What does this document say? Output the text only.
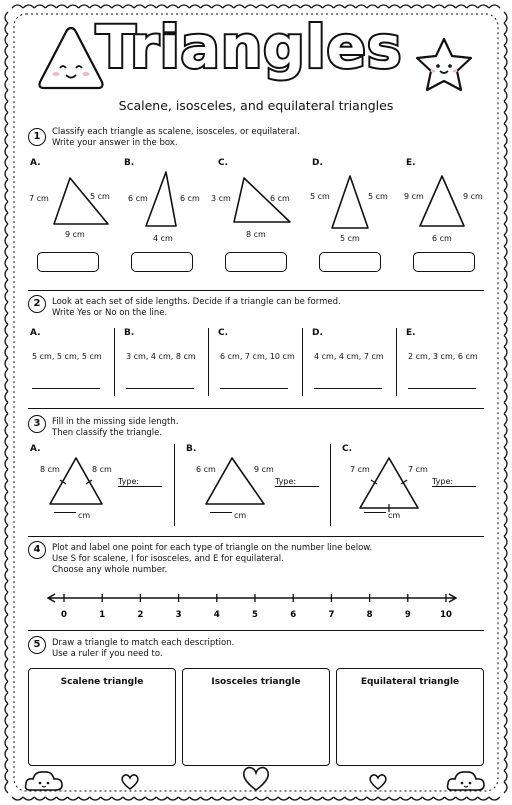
Triangles
Scalene, isosceles, and equilateral triangles
1	Classify each triangle as scalene, isosceles, or equilateral.
Write your answer in the box.
2	Look at each set of side lengths. Decide if a triangle can be formed.
Write Yes or No on the line.
3	Fill in the missing side length.
Then classify the triangle.
4	Plot and label one point for each type of triangle on the number line below.
Use S for scalene, I for isosceles, and E for equilateral.
Choose any whole number.
0	1	2	3	4	5	6	7	8	9	10
5	Draw a triangle to match each description.
Use a ruler if you need to.
Scalene triangle	Isosceles triangle	Equilateral triangle
A.
7 cm	5 cm
9 cm
B.
6 cm	6 cm
4 cm
C.
3 cm	6 cm
8 cm
D.
5 cm	5 cm
5 cm
E.
9 cm	9 cm
6 cm
A.
5 cm, 5 cm, 5 cm
B.
3 cm, 4 cm, 8 cm
C.
6 cm, 7 cm, 10 cm
D.
4 cm, 4 cm, 7 cm
E.
2 cm, 3 cm, 6 cm
A.
8 cm	8 cm
cm
Type:
B.
6 cm	9 cm
cm
Type:
C.
7 cm	7 cm
cm
Type:
